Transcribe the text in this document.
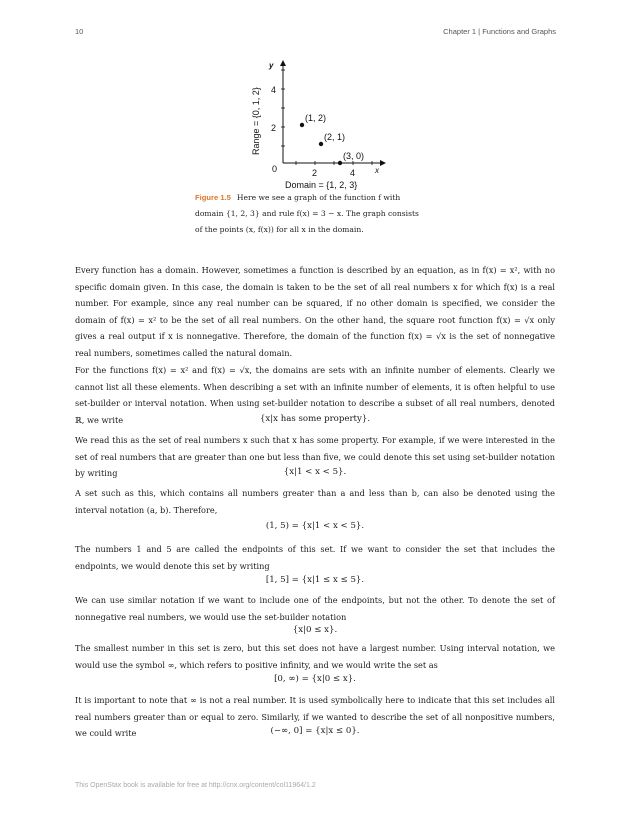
10	Chapter 1 | Functions and Graphs
0	2	4
2
4
y
x
Range = {0, 1, 2}
Domain = {1, 2, 3}
(1, 2)
(2, 1)
(3, 0)
Figure 1.5 Here we see a graph of the function f with
domain {1, 2, 3} and rule f(x) = 3 − x. The graph consists
of the points (x, f(x)) for all x in the domain.
Every function has a domain. However, sometimes a function is described by an equation, as in f(x) = x², with no specific domain given. In this case, the domain is taken to be the set of all real numbers x for which f(x) is a real number. For example, since any real number can be squared, if no other domain is specified, we consider the domain of f(x) = x² to be the set of all real numbers. On the other hand, the square root function f(x) = √x only gives a real output if x is nonnegative. Therefore, the domain of the function f(x) = √x is the set of nonnegative real numbers, sometimes called the natural domain.
For the functions f(x) = x² and f(x) = √x, the domains are sets with an infinite number of elements. Clearly we cannot list all these elements. When describing a set with an infinite number of elements, it is often helpful to use set-builder or interval notation. When using set-builder notation to describe a subset of all real numbers, denoted ℝ, we write	{x|x has some property}.
We read this as the set of real numbers x such that x has some property. For example, if we were interested in the set of real numbers that are greater than one but less than five, we could denote this set using set-builder notation by writing	{x|1 < x < 5}.
A set such as this, which contains all numbers greater than a and less than b, can also be denoted using the interval notation (a, b). Therefore,
(1, 5) = {x|1 < x < 5}.
The numbers 1 and 5 are called the endpoints of this set. If we want to consider the set that includes the endpoints, we would denote this set by writing
[1, 5] = {x|1 ≤ x ≤ 5}.
We can use similar notation if we want to include one of the endpoints, but not the other. To denote the set of nonnegative real numbers, we would use the set-builder notation
{x|0 ≤ x}.
The smallest number in this set is zero, but this set does not have a largest number. Using interval notation, we would use the symbol ∞, which refers to positive infinity, and we would write the set as
[0, ∞) = {x|0 ≤ x}.
It is important to note that ∞ is not a real number. It is used symbolically here to indicate that this set includes all real numbers greater than or equal to zero. Similarly, if we wanted to describe the set of all nonpositive numbers, we could write	(−∞, 0] = {x|x ≤ 0}.
This OpenStax book is available for free at http://cnx.org/content/col11964/1.2
